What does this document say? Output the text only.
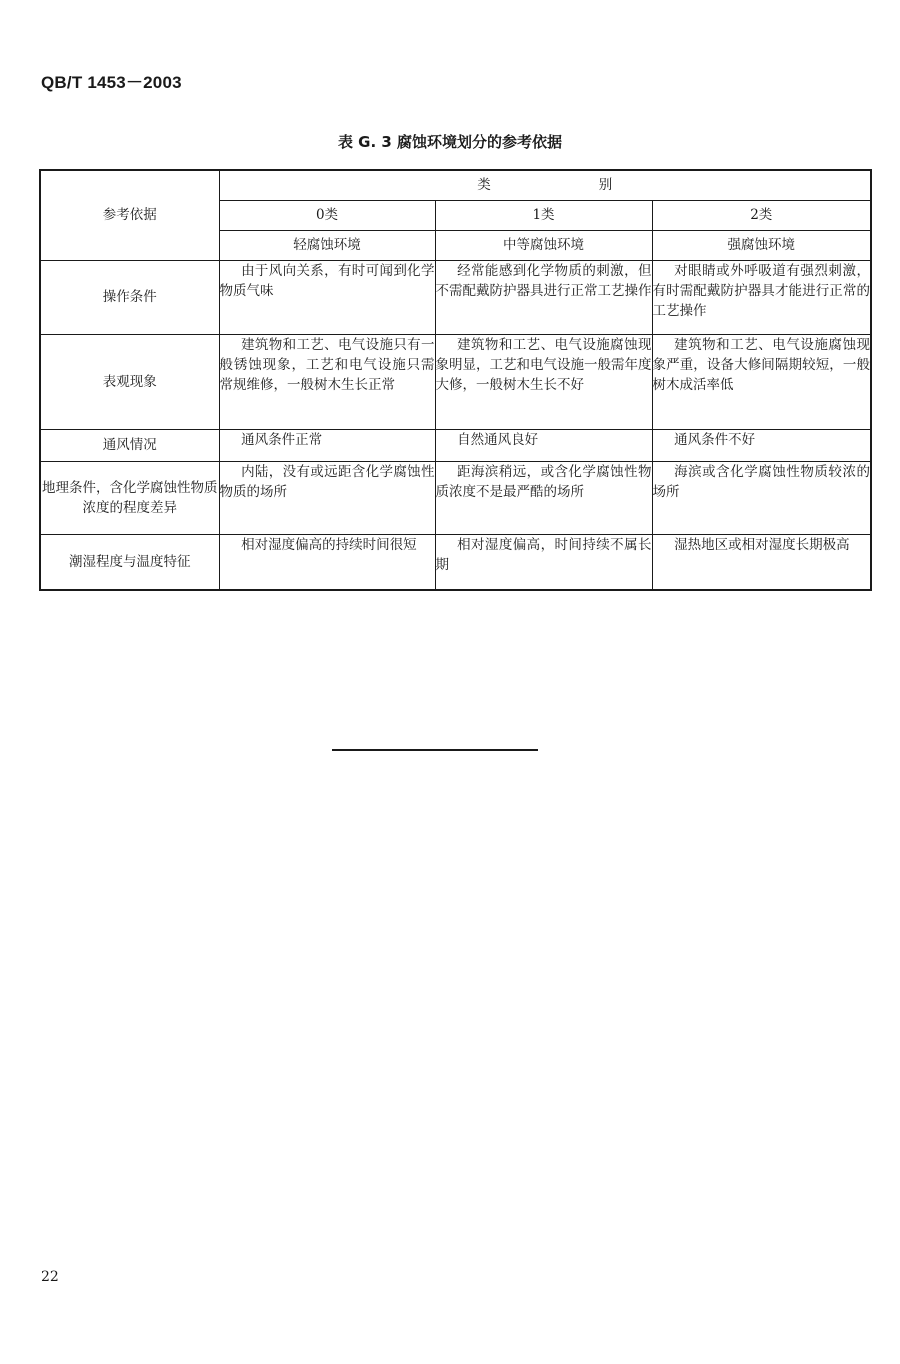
QB/T 1453－2003
表 G. 3 腐蚀环境划分的参考依据
参考依据	类　　　　　　　　别		
	0类	1类	2类
	轻腐蚀环境	中等腐蚀环境	强腐蚀环境
操作条件	由于风向关系，有时可闻到化学物质气味	经常能感到化学物质的刺激，但不需配戴防护器具进行正常工艺操作	对眼睛或外呼吸道有强烈刺激，有时需配戴防护器具才能进行正常的工艺操作

表观现象	建筑物和工艺、电气设施只有一般锈蚀现象，工艺和电气设施只需常规维修，一般树木生长正常	建筑物和工艺、电气设施腐蚀现象明显，工艺和电气设施一般需年度大修，一般树木生长不好	建筑物和工艺、电气设施腐蚀现象严重，设备大修间隔期较短，一般树木成活率低

通风情况	通风条件正常	自然通风良好	通风条件不好

地理条件，含化学腐蚀性物质浓度的程度差异	内陆，没有或远距含化学腐蚀性物质的场所	距海滨稍远，或含化学腐蚀性物质浓度不是最严酷的场所	海滨或含化学腐蚀性物质较浓的场所

潮湿程度与温度特征	相对湿度偏高的持续时间很短	相对湿度偏高，时间持续不属长期	湿热地区或相对湿度长期极高
22
